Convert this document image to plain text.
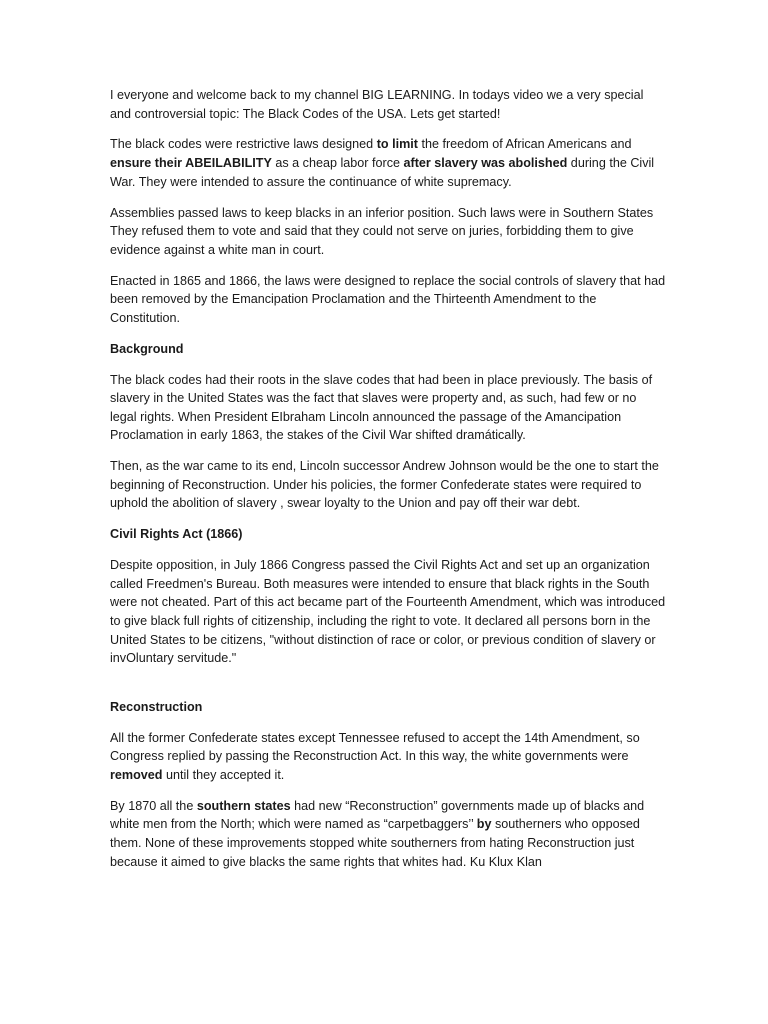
I everyone and welcome back to my channel BIG LEARNING. In todays video we a very special and controversial topic: The Black Codes of the USA. Lets get started!

The black codes were restrictive laws designed to limit the freedom of African Americans and ensure their ABEILABILITY as a cheap labor force after slavery was abolished during the Civil War. They were intended to assure the continuance of white supremacy.

Assemblies passed laws to keep blacks in an inferior position. Such laws were in Southern States They refused them to vote and said that they could not serve on juries, forbidding them to give evidence against a white man in court.

Enacted in 1865 and 1866, the laws were designed to replace the social controls of slavery that had been removed by the Emancipation Proclamation and the Thirteenth Amendment to the Constitution.

Background

The black codes had their roots in the slave codes that had been in place previously. The basis of slavery in the United States was the fact that slaves were property and, as such, had few or no legal rights. When President EIbraham Lincoln announced the passage of the Amancipation Proclamation in early 1863, the stakes of the Civil War shifted dramátically.

Then, as the war came to its end, Lincoln successor Andrew Johnson would be the one to start the beginning of Reconstruction. Under his policies, the former Confederate states were required to uphold the abolition of slavery , swear loyalty to the Union and pay off their war debt.

Civil Rights Act (1866)

Despite opposition, in July 1866 Congress passed the Civil Rights Act and set up an organization called Freedmen's Bureau. Both measures were intended to ensure that black rights in the South were not cheated. Part of this act became part of the Fourteenth Amendment, which was introduced to give black full rights of citizenship, including the right to vote. It declared all persons born in the United States to be citizens, "without distinction of race or color, or previous condition of slavery or invOluntary servitude."

Reconstruction

All the former Confederate states except Tennessee refused to accept the 14th Amendment, so Congress replied by passing the Reconstruction Act. In this way, the white governments were removed until they accepted it.

By 1870 all the southern states had new “Reconstruction” governments made up of blacks and white men from the North; which were named as “carpetbaggers’’ by southerners who opposed them. None of these improvements stopped white southerners from hating Reconstruction just because it aimed to give blacks the same rights that whites had. Ku Klux Klan
